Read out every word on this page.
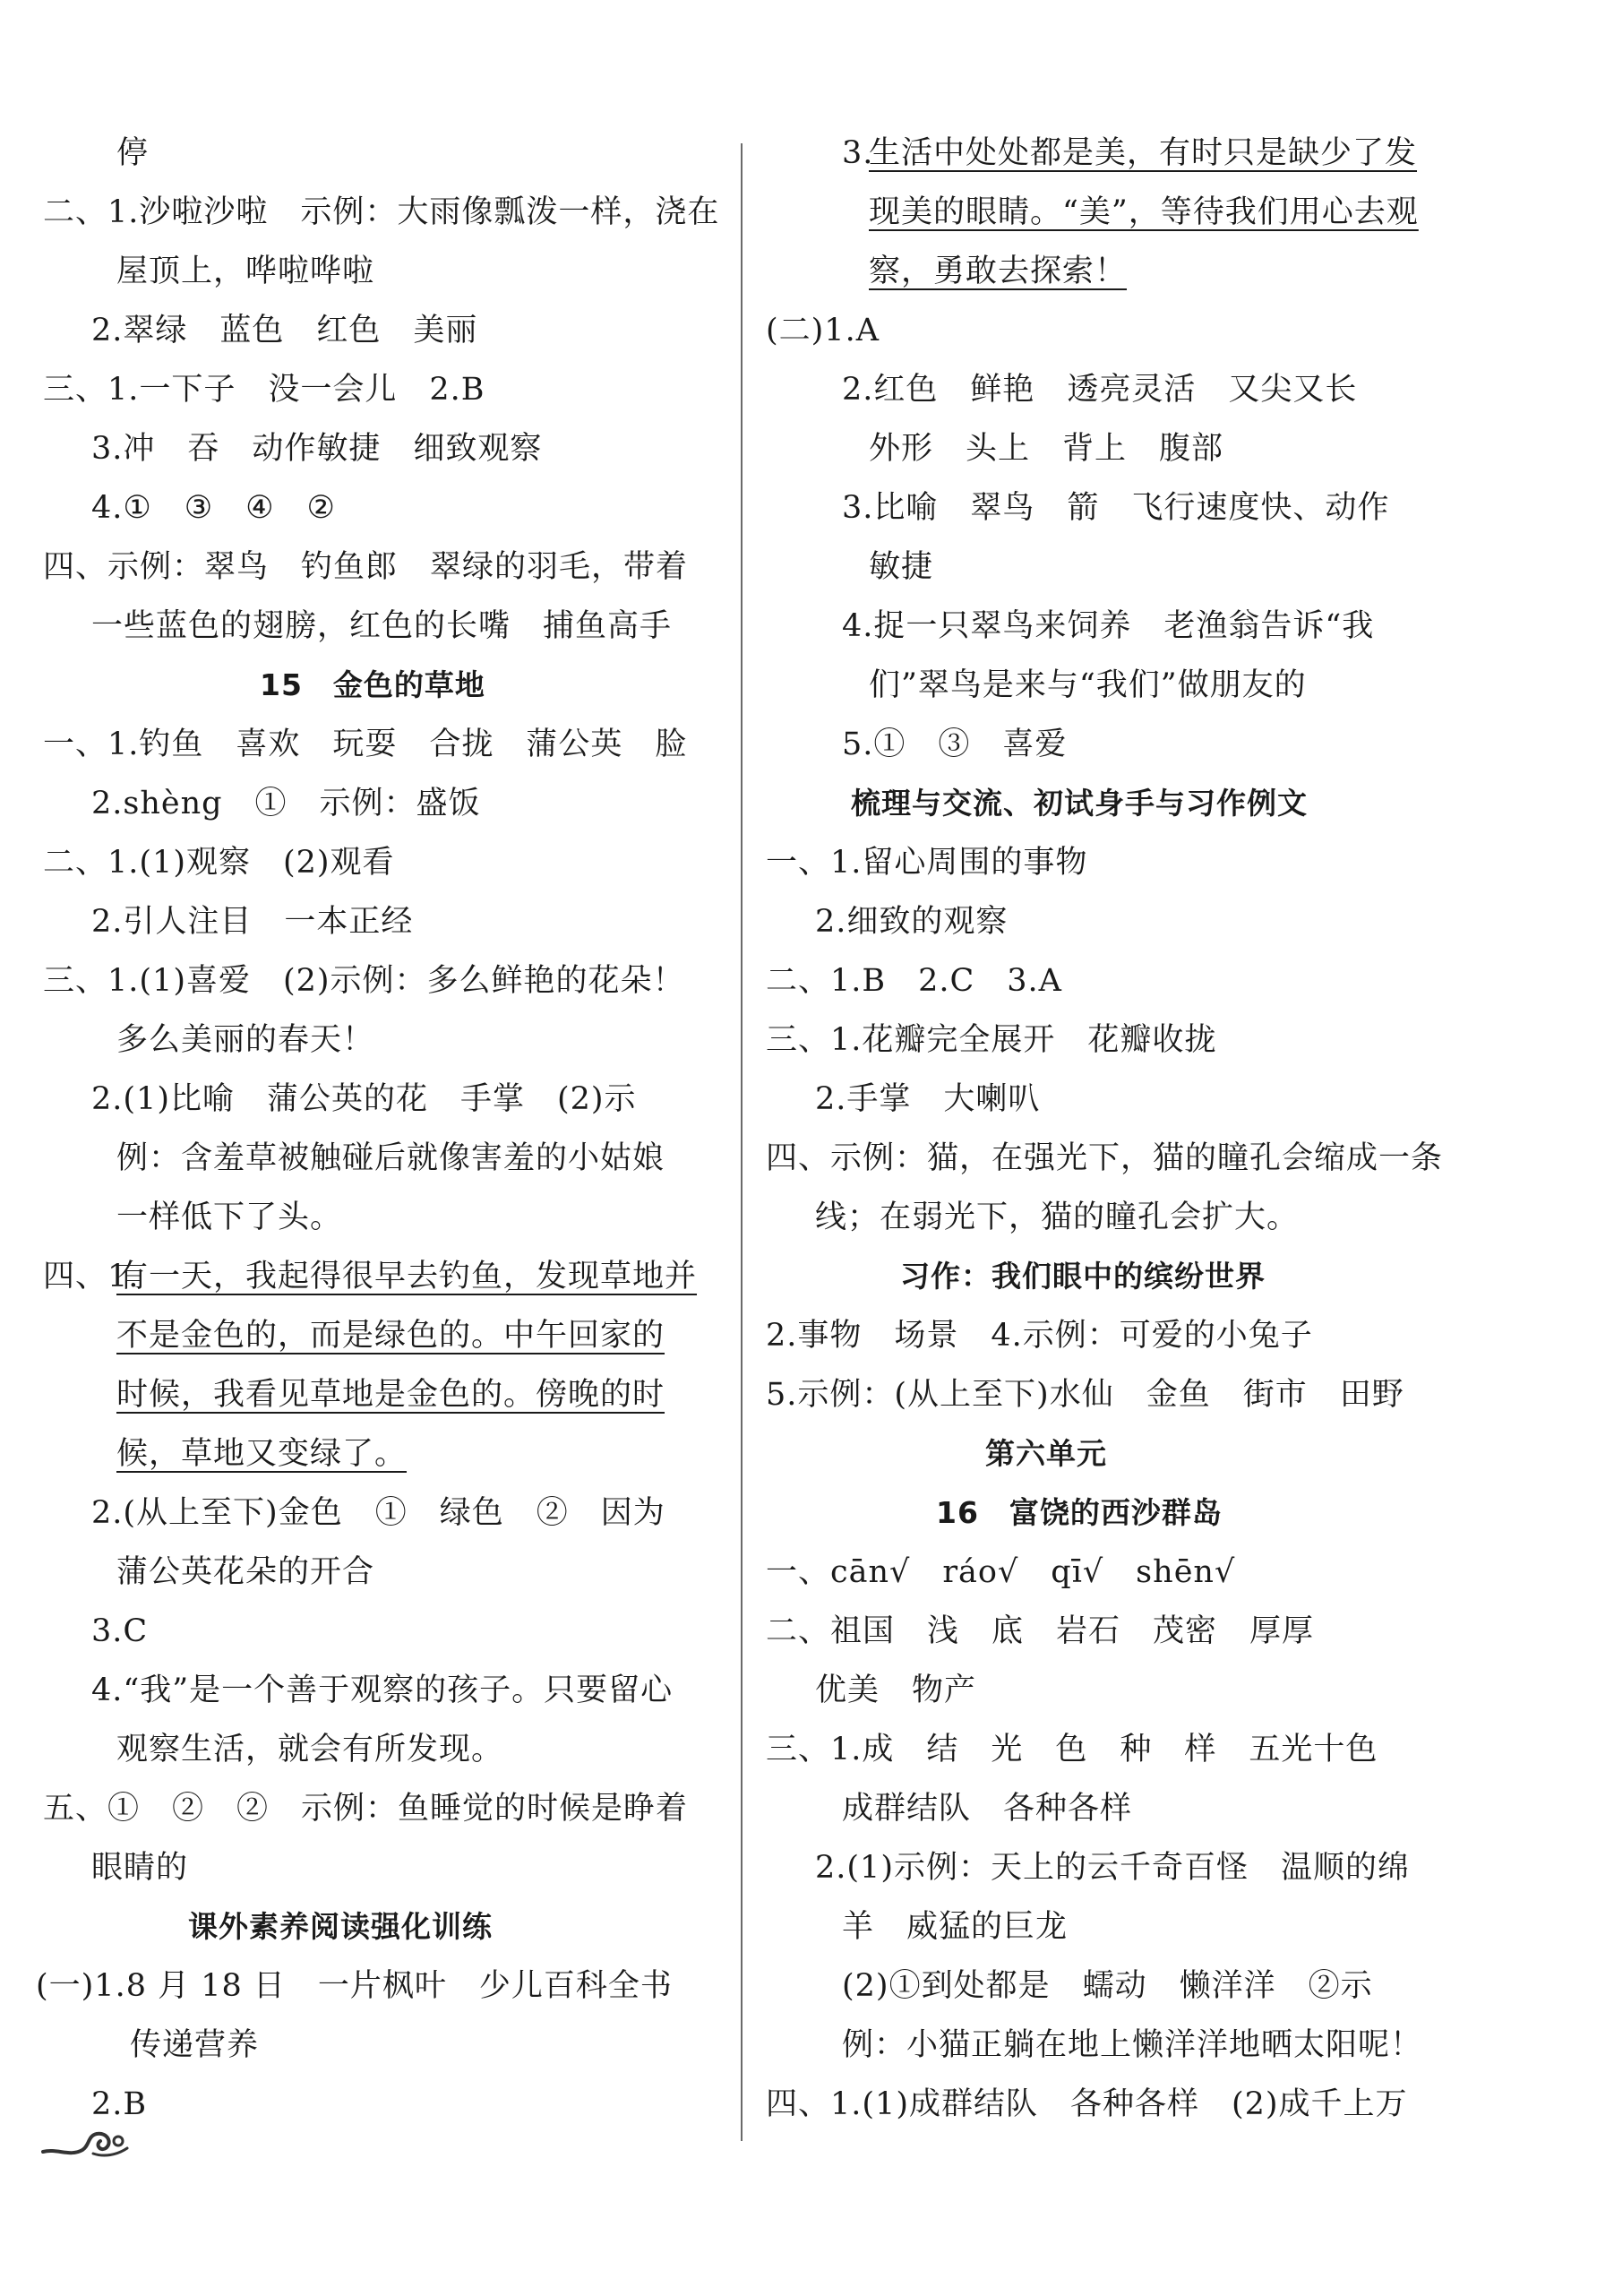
停
二、1.沙啦沙啦　示例：大雨像瓢泼一样，浇在
屋顶上，哗啦哗啦
2.翠绿　蓝色　红色　美丽
三、1.一下子　没一会儿　2.B
3.冲　吞　动作敏捷　细致观察
4.①　③　④　②
四、示例：翠鸟　钓鱼郎　翠绿的羽毛，带着
一些蓝色的翅膀，红色的长嘴　捕鱼高手
15　金色的草地
一、1.钓鱼　喜欢　玩耍　合拢　蒲公英　脸
2.shèng　①　示例：盛饭
二、1.(1)观察　(2)观看
2.引人注目　一本正经
三、1.(1)喜爱　(2)示例：多么鲜艳的花朵！
多么美丽的春天！
2.(1)比喻　蒲公英的花　手掌　(2)示
例：含羞草被触碰后就像害羞的小姑娘
一样低下了头。
四、1.
有一天，我起得很早去钓鱼，发现草地并
不是金色的，而是绿色的。中午回家的
时候，我看见草地是金色的。傍晚的时
候，草地又变绿了。
2.(从上至下)金色　①　绿色　②　因为
蒲公英花朵的开合
3.C
4.“我”是一个善于观察的孩子。只要留心
观察生活，就会有所发现。
五、①　②　②　示例：鱼睡觉的时候是睁着
眼睛的
课外素养阅读强化训练
(一)1.8 月 18 日　一片枫叶　少儿百科全书
传递营养
2.B
3.
生活中处处都是美，有时只是缺少了发
现美的眼睛。“美”，等待我们用心去观
察，勇敢去探索！
(二)1.A
2.红色　鲜艳　透亮灵活　又尖又长
外形　头上　背上　腹部
3.比喻　翠鸟　箭　飞行速度快、动作
敏捷
4.捉一只翠鸟来饲养　老渔翁告诉“我
们”翠鸟是来与“我们”做朋友的
5.①　③　喜爱
梳理与交流、初试身手与习作例文
一、1.留心周围的事物
2.细致的观察
二、1.B　2.C　3.A
三、1.花瓣完全展开　花瓣收拢
2.手掌　大喇叭
四、示例：猫，在强光下，猫的瞳孔会缩成一条
线；在弱光下，猫的瞳孔会扩大。
习作：我们眼中的缤纷世界
2.事物　场景　4.示例：可爱的小兔子
5.示例：(从上至下)水仙　金鱼　街市　田野
第六单元
16　富饶的西沙群岛
一、cān√　ráo√　qī√　shēn√
二、祖国　浅　底　岩石　茂密　厚厚
优美　物产
三、1.成　结　光　色　种　样　五光十色
成群结队　各种各样
2.(1)示例：天上的云千奇百怪　温顺的绵
羊　威猛的巨龙
(2)①到处都是　蠕动　懒洋洋　②示
例：小猫正躺在地上懒洋洋地晒太阳呢！
四、1.(1)成群结队　各种各样　(2)成千上万
